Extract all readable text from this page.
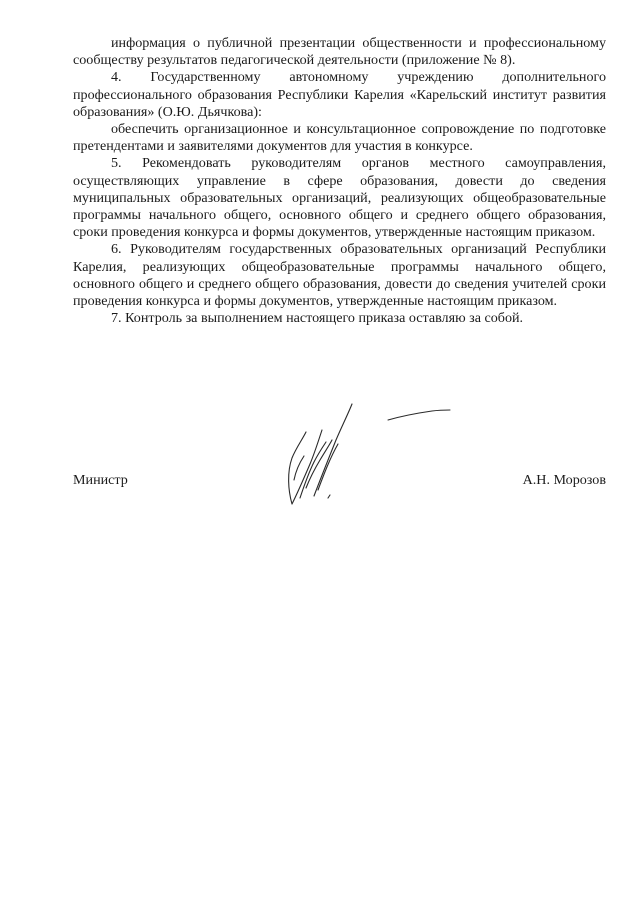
информация о публичной презентации общественности и профессиональному сообществу результатов педагогической деятельности (приложение № 8).

4. Государственному автономному учреждению дополнительного профессионального образования Республики Карелия «Карельский институт развития образования» (О.Ю. Дьячкова):

обеспечить организационное и консультационное сопровождение по подготовке претендентами и заявителями документов для участия в конкурсе.

5. Рекомендовать руководителям органов местного самоуправления, осуществляющих управление в сфере образования, довести до сведения муниципальных образовательных организаций, реализующих общеобразовательные программы начального общего, основного общего и среднего общего образования, сроки проведения конкурса и формы документов, утвержденные настоящим приказом.

6. Руководителям государственных образовательных организаций Республики Карелия, реализующих общеобразовательные программы начального общего, основного общего и среднего общего образования, довести до сведения учителей сроки проведения конкурса и формы документов, утвержденные настоящим приказом.

7. Контроль за выполнением настоящего приказа оставляю за собой.

Министр	А.Н. Морозов
